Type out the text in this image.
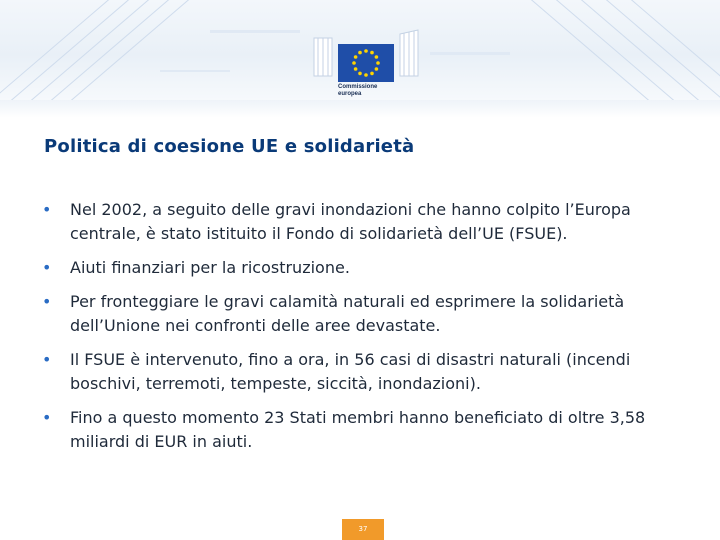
Commissione
europea
Politica di coesione UE e solidarietà
• Nel 2002, a seguito delle gravi inondazioni che hanno colpito l’Europa centrale, è stato istituito il Fondo di solidarietà dell’UE (FSUE).
• Aiuti finanziari per la ricostruzione.
• Per fronteggiare le gravi calamità naturali ed esprimere la solidarietà dell’Unione nei confronti delle aree devastate.
• Il FSUE è intervenuto, fino a ora, in 56 casi di disastri naturali (incendi boschivi, terremoti, tempeste, siccità, inondazioni).
• Fino a questo momento 23 Stati membri hanno beneficiato di oltre 3,58 miliardi di EUR in aiuti.
37
